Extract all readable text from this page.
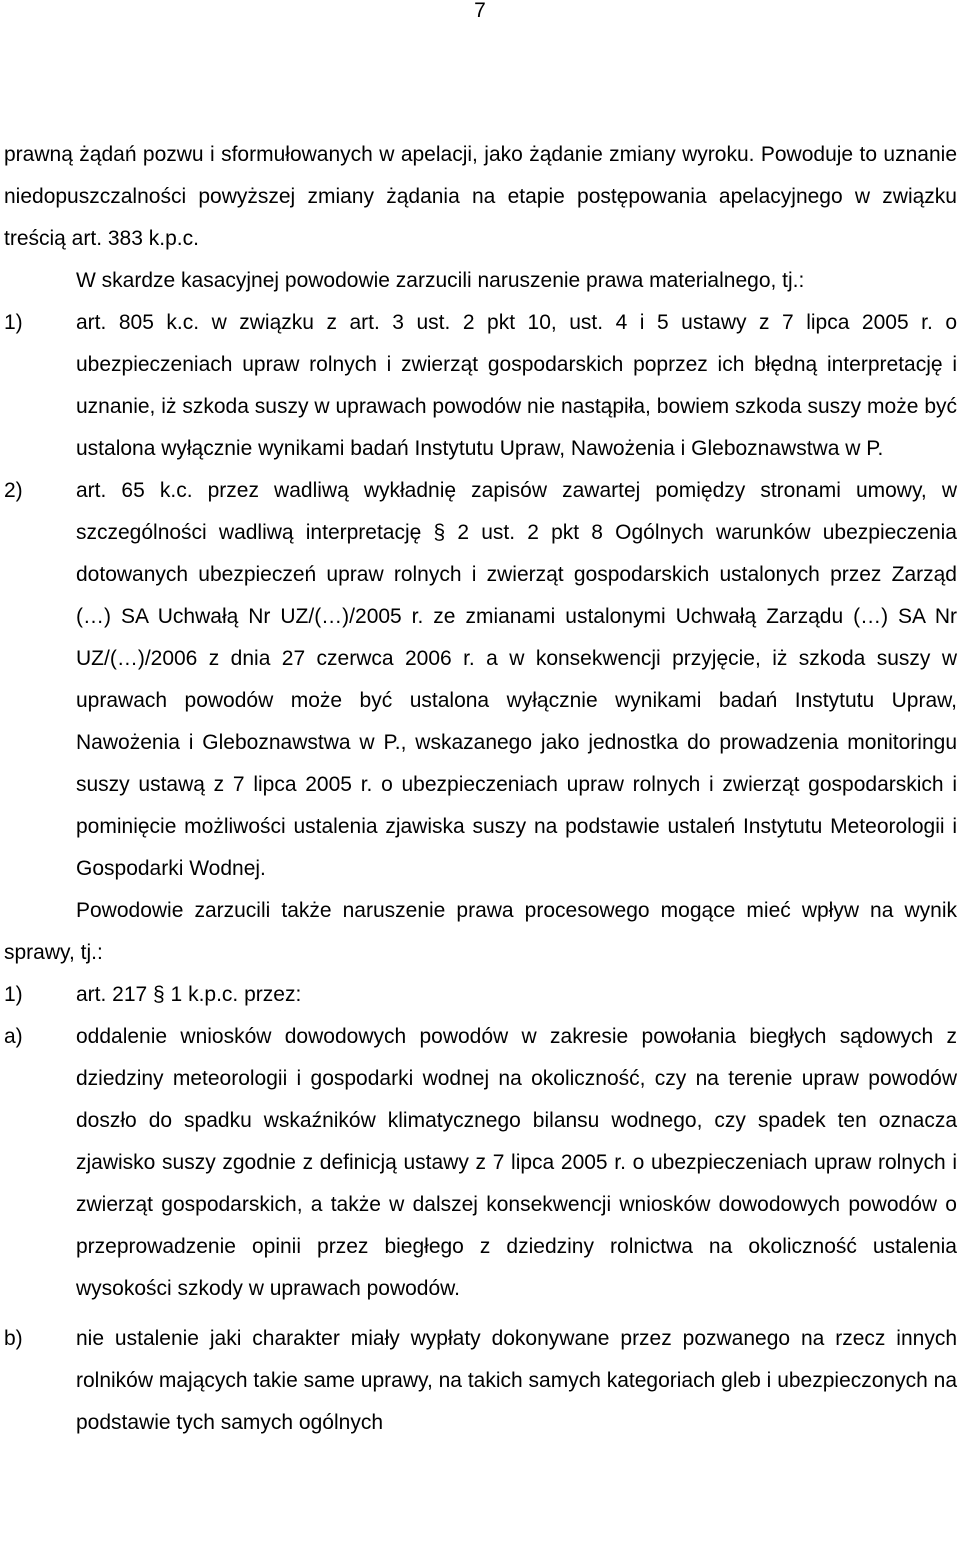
7

prawną żądań pozwu i sformułowanych w apelacji, jako żądanie zmiany wyroku. Powoduje to uznanie niedopuszczalności powyższej zmiany żądania na etapie postępowania apelacyjnego w związku treścią art. 383 k.p.c.

W skardze kasacyjnej powodowie zarzucili naruszenie prawa materialnego, tj.:

1)	art. 805 k.c. w związku z art. 3 ust. 2 pkt 10, ust. 4 i 5 ustawy z 7 lipca 2005 r. o ubezpieczeniach upraw rolnych i zwierząt gospodarskich poprzez ich błędną interpretację i uznanie, iż szkoda suszy w uprawach powodów nie nastąpiła, bowiem szkoda suszy może być ustalona wyłącznie wynikami badań Instytutu Upraw, Nawożenia i Gleboznawstwa w P.
2)	art. 65 k.c. przez wadliwą wykładnię zapisów zawartej pomiędzy stronami umowy, w szczególności wadliwą interpretację § 2 ust. 2 pkt 8 Ogólnych warunków ubezpieczenia dotowanych ubezpieczeń upraw rolnych i zwierząt gospodarskich ustalonych przez Zarząd (…) SA Uchwałą Nr UZ/(…)/2005 r. ze zmianami ustalonymi Uchwałą Zarządu (…) SA Nr UZ/(…)/2006 z dnia 27 czerwca 2006 r. a w konsekwencji przyjęcie, iż szkoda suszy w uprawach powodów może być ustalona wyłącznie wynikami badań Instytutu Upraw, Nawożenia i Gleboznawstwa w P., wskazanego jako jednostka do prowadzenia monitoringu suszy ustawą z 7 lipca 2005 r. o ubezpieczeniach upraw rolnych i zwierząt gospodarskich i pominięcie możliwości ustalenia zjawiska suszy na podstawie ustaleń Instytutu Meteorologii i Gospodarki Wodnej.

Powodowie zarzucili także naruszenie prawa procesowego mogące mieć wpływ na wynik sprawy, tj.:

1)	art. 217 § 1 k.p.c. przez:
a)	oddalenie wniosków dowodowych powodów w zakresie powołania biegłych sądowych z dziedziny meteorologii i gospodarki wodnej na okoliczność, czy na terenie upraw powodów doszło do spadku wskaźników klimatycznego bilansu wodnego, czy spadek ten oznacza zjawisko suszy zgodnie z definicją ustawy z 7 lipca 2005 r. o ubezpieczeniach upraw rolnych i zwierząt gospodarskich, a także w dalszej konsekwencji wniosków dowodowych powodów o przeprowadzenie opinii przez biegłego z dziedziny rolnictwa na okoliczność ustalenia wysokości szkody w uprawach powodów.
b)	nie ustalenie jaki charakter miały wypłaty dokonywane przez pozwanego na rzecz innych rolników mających takie same uprawy, na takich samych kategoriach gleb i ubezpieczonych na podstawie tych samych ogólnych
